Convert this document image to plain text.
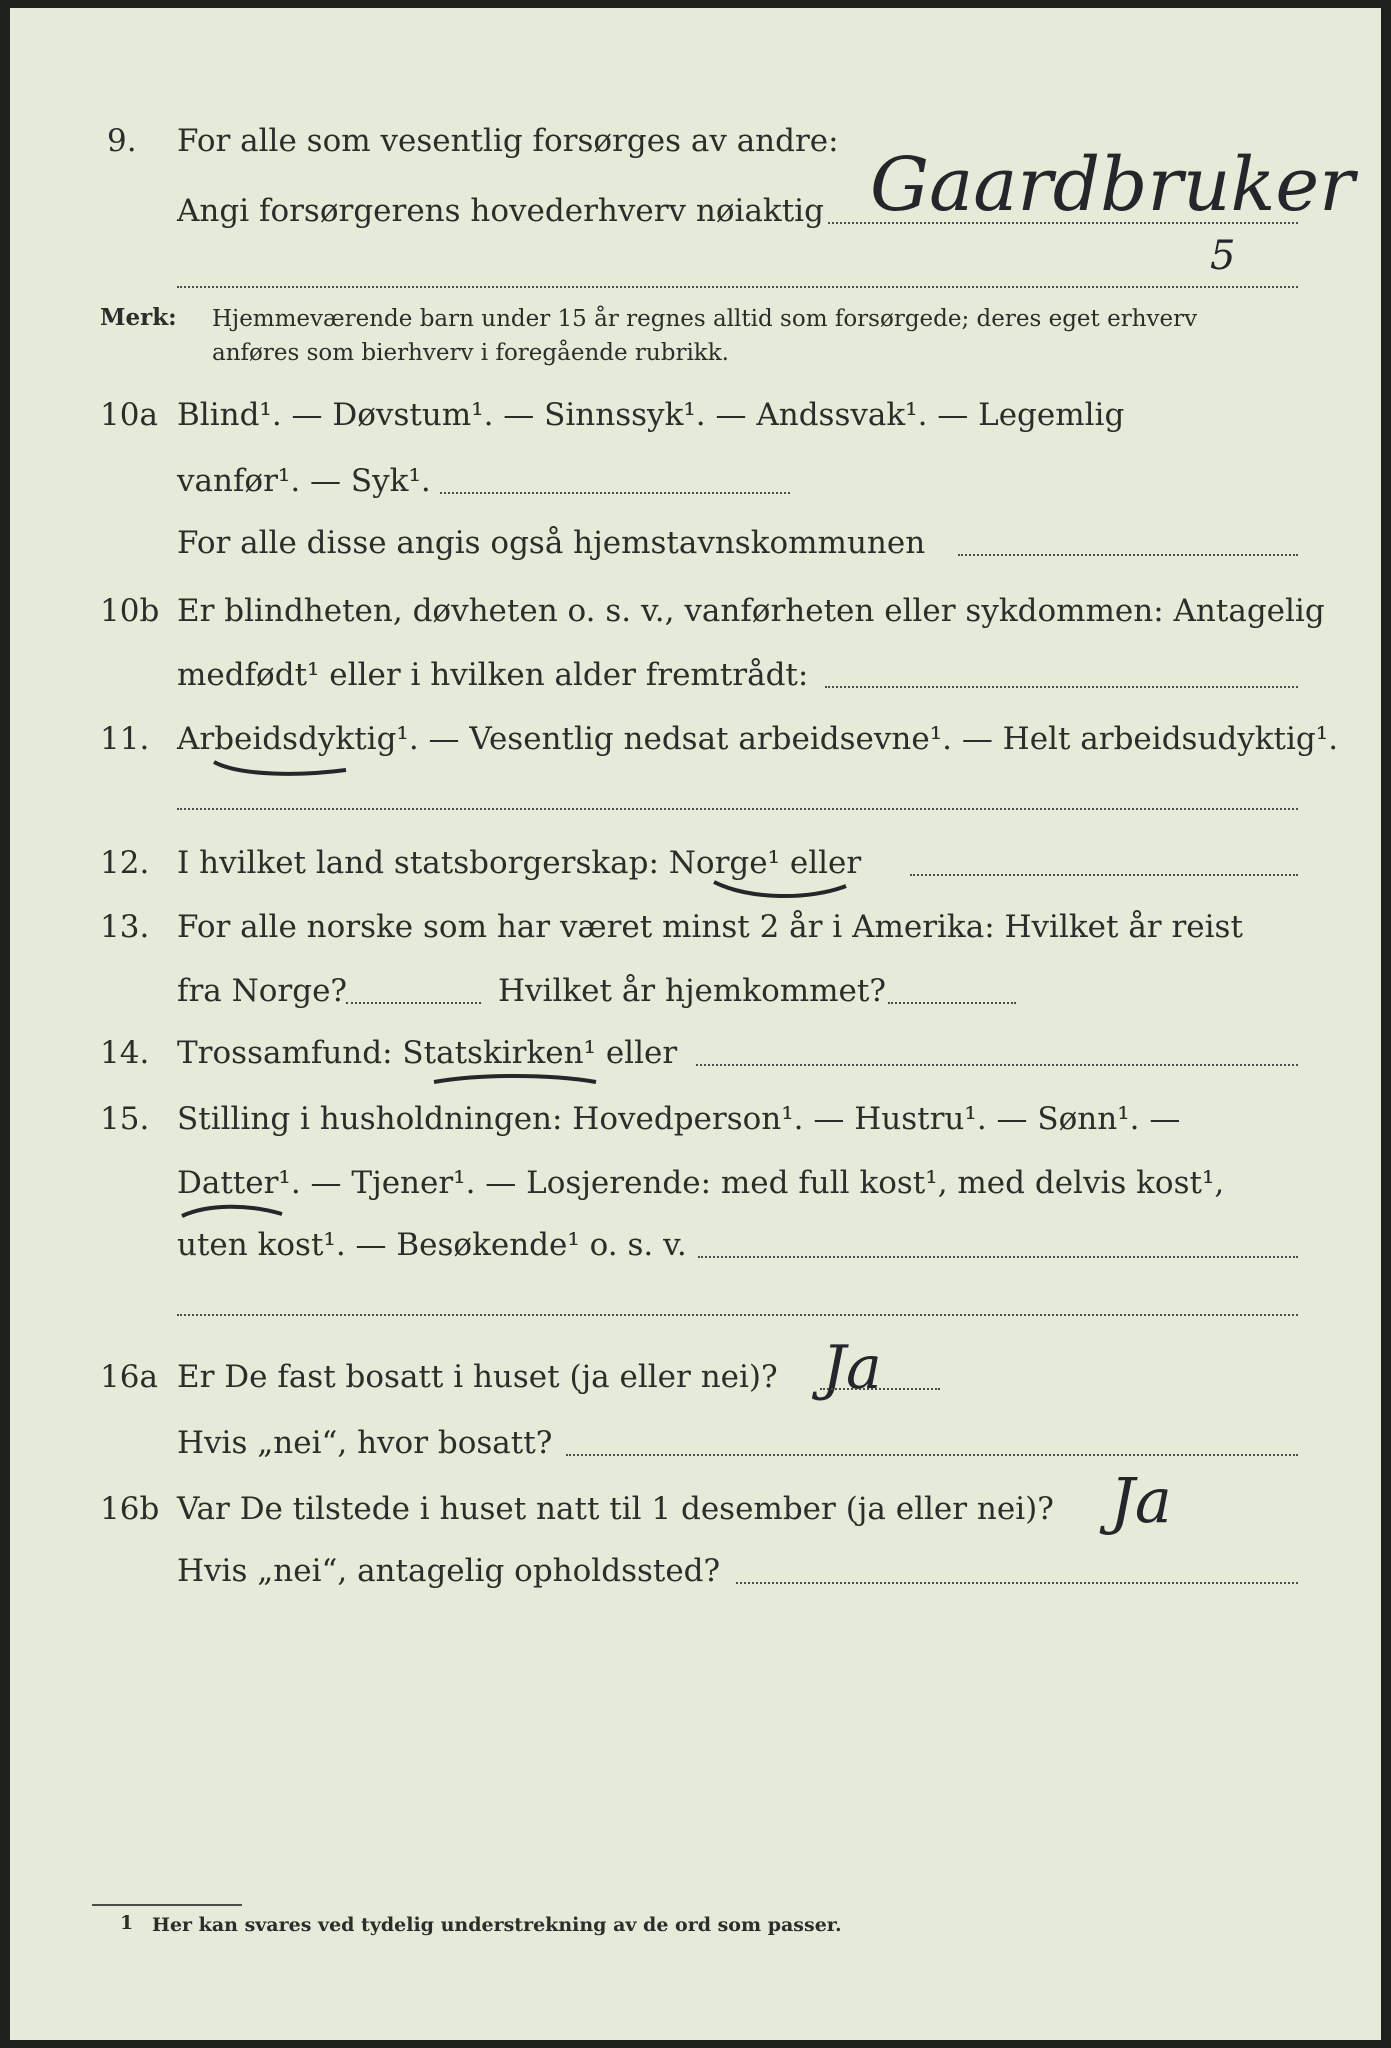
9. For alle som vesentlig forsørges av andre:
Angi forsørgerens hovederhverv nøiaktig Gaardbruker
5
Merk: Hjemmeværende barn under 15 år regnes alltid som forsørgede; deres eget erhverv
anføres som bierhverv i foregående rubrikk.
10a Blind¹. — Døvstum¹. — Sinnssyk¹. — Andssvak¹. — Legemlig
vanfør¹. — Syk¹.
For alle disse angis også hjemstavnskommunen
10b Er blindheten, døvheten o. s. v., vanførheten eller sykdommen: Antagelig
medfødt¹ eller i hvilken alder fremtrådt:
11. Arbeidsdyktig¹. — Vesentlig nedsat arbeidsevne¹. — Helt arbeidsudyktig¹.
12. I hvilket land statsborgerskap: Norge¹ eller
13. For alle norske som har været minst 2 år i Amerika: Hvilket år reist
fra Norge?	Hvilket år hjemkommet?
14. Trossamfund: Statskirken¹ eller
15. Stilling i husholdningen: Hovedperson¹. — Hustru¹. — Sønn¹. —
Datter¹. — Tjener¹. — Losjerende: med full kost¹, med delvis kost¹,
uten kost¹. — Besøkende¹ o. s. v.
16a Er De fast bosatt i huset (ja eller nei)? Ja
Hvis „nei“, hvor bosatt?
16b Var De tilstede i huset natt til 1 desember (ja eller nei)? Ja
Hvis „nei“, antagelig opholdssted?
1 Her kan svares ved tydelig understrekning av de ord som passer.
